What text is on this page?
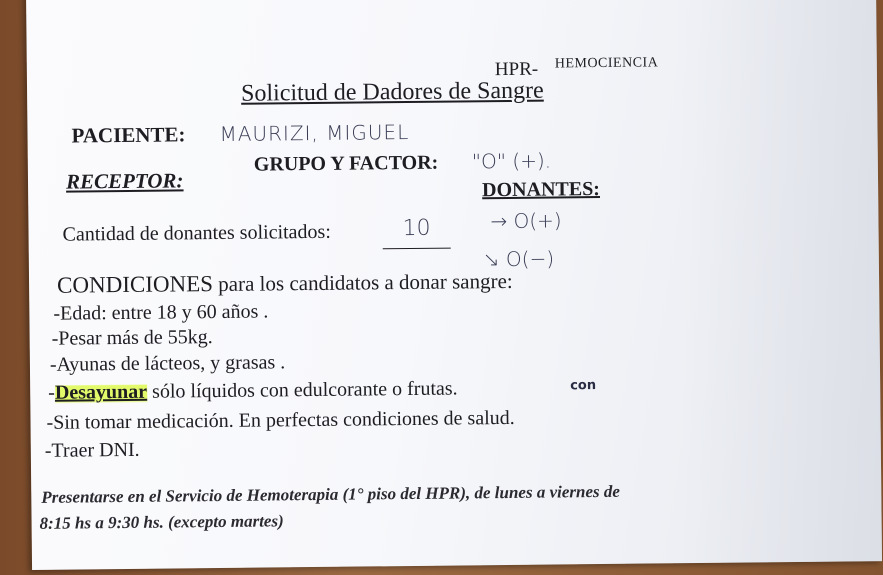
HPR- HEMOCIENCIA
Solicitud de Dadores de Sangre
PACIENTE: MAURIZI, MIGUEL
GRUPO Y FACTOR: "O" (+).
RECEPTOR:	DONANTES:
Cantidad de donantes solicitados:	10	→ O(+)
↘ O(−)
CONDICIONES para los candidatos a donar sangre:
-Edad: entre 18 y 60 años .
-Pesar más de 55kg.
-Ayunas de lácteos, y grasas .
-Desayunar sólo líquidos con edulcorante o frutas.	con
-Sin tomar medicación. En perfectas condiciones de salud.
-Traer DNI.
Presentarse en el Servicio de Hemoterapia (1° piso del HPR), de lunes a viernes de
8:15 hs a 9:30 hs. (excepto martes)
